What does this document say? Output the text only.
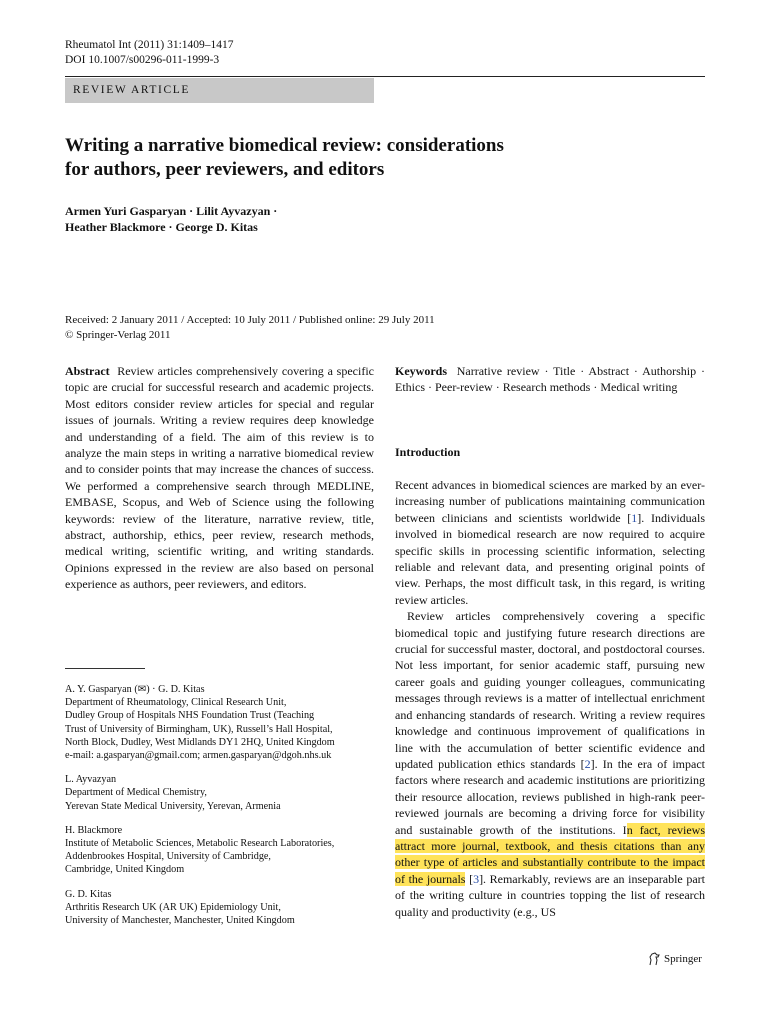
Rheumatol Int (2011) 31:1409–1417
DOI 10.1007/s00296-011-1999-3
REVIEW ARTICLE
Writing a narrative biomedical review: considerations
for authors, peer reviewers, and editors
Armen Yuri Gasparyan · Lilit Ayvazyan ·
Heather Blackmore · George D. Kitas
Received: 2 January 2011 / Accepted: 10 July 2011 / Published online: 29 July 2011
© Springer-Verlag 2011

Abstract Review articles comprehensively covering a specific topic are crucial for successful research and academic projects. Most editors consider review articles for special and regular issues of journals. Writing a review requires deep knowledge and understanding of a field. The aim of this review is to analyze the main steps in writing a narrative biomedical review and to consider points that may increase the chances of success. We performed a comprehensive search through MEDLINE, EMBASE, Scopus, and Web of Science using the following keywords: review of the literature, narrative review, title, abstract, authorship, ethics, peer review, research methods, medical writing, scientific writing, and writing standards. Opinions expressed in the review are also based on personal experience as authors, peer reviewers, and editors.

A. Y. Gasparyan (✉) · G. D. Kitas
Department of Rheumatology, Clinical Research Unit,
Dudley Group of Hospitals NHS Foundation Trust (Teaching
Trust of University of Birmingham, UK), Russell’s Hall Hospital,
North Block, Dudley, West Midlands DY1 2HQ, United Kingdom
e-mail: a.gasparyan@gmail.com; armen.gasparyan@dgoh.nhs.uk

L. Ayvazyan
Department of Medical Chemistry,
Yerevan State Medical University, Yerevan, Armenia

H. Blackmore
Institute of Metabolic Sciences, Metabolic Research Laboratories,
Addenbrookes Hospital, University of Cambridge,
Cambridge, United Kingdom

G. D. Kitas
Arthritis Research UK (AR UK) Epidemiology Unit,
University of Manchester, Manchester, United Kingdom

Keywords Narrative review · Title · Abstract · Authorship · Ethics · Peer-review · Research methods · Medical writing

Introduction

Recent advances in biomedical sciences are marked by an ever-increasing number of publications maintaining communication between clinicians and scientists worldwide [1]. Individuals involved in biomedical research are now required to acquire specific skills in processing scientific information, selecting reliable and relevant data, and presenting original points of view. Perhaps, the most difficult task, in this regard, is writing review articles.

Review articles comprehensively covering a specific biomedical topic and justifying future research directions are crucial for successful master, doctoral, and postdoctoral courses. Not less important, for senior academic staff, pursuing new career goals and guiding younger colleagues, communicating messages through reviews is a matter of intellectual enrichment and enhancing standards of research. Writing a review requires knowledge and continuous improvement of qualifications in line with the accumulation of better scientific evidence and updated publication ethics standards [2]. In the era of impact factors where research and academic institutions are prioritizing their resource allocation, reviews published in high-rank peer-reviewed journals are becoming a driving force for visibility and sustainable growth of the institutions. In fact, reviews attract more journal, textbook, and thesis citations than any other type of articles and substantially contribute to the impact of the journals [3]. Remarkably, reviews are an inseparable part of the writing culture in countries topping the list of research quality and productivity (e.g., US

Springer
